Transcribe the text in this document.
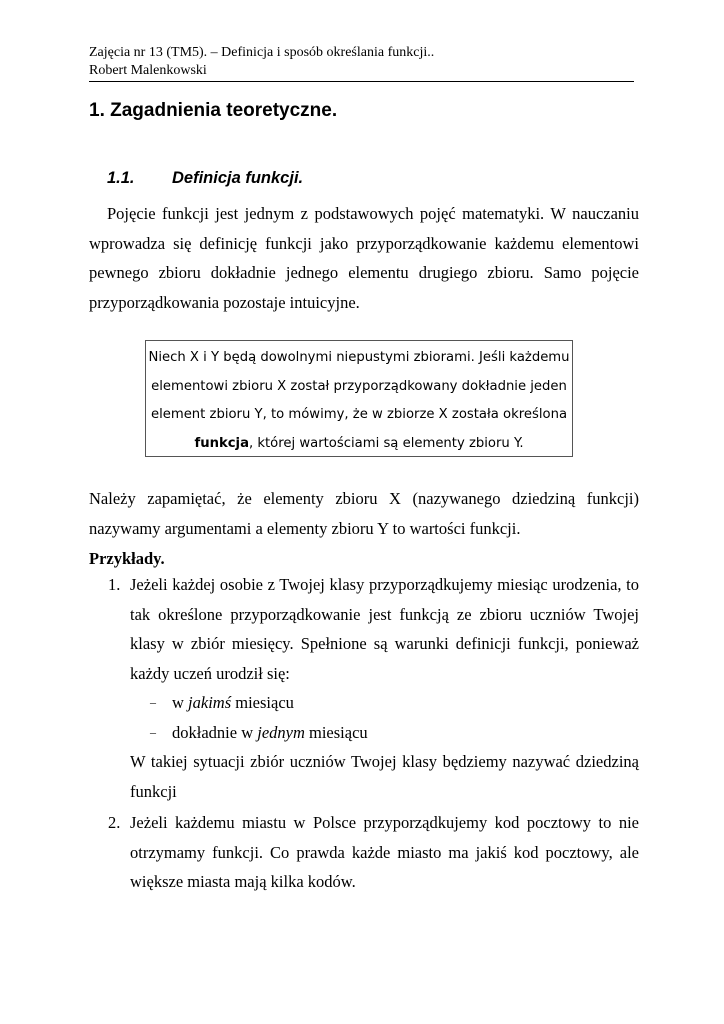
Zajęcia nr 13 (TM5). – Definicja i sposób określania funkcji..
Robert Malenkowski
1. Zagadnienia teoretyczne.
1.1. Definicja funkcji.
Pojęcie funkcji jest jednym z podstawowych pojęć matematyki. W nauczaniu wprowadza się definicję funkcji jako przyporządkowanie każdemu elementowi pewnego zbioru dokładnie jednego elementu drugiego zbioru. Samo pojęcie przyporządkowania pozostaje intuicyjne.
Niech X i Y będą dowolnymi niepustymi zbiorami. Jeśli każdemu
elementowi zbioru X został przyporządkowany dokładnie jeden
element zbioru Y, to mówimy, że w zbiorze X została określona
funkcja, której wartościami są elementy zbioru Y.
Należy zapamiętać, że elementy zbioru X (nazywanego dziedziną funkcji) nazywamy argumentami a elementy zbioru Y to wartości funkcji.
Przykłady.
1. Jeżeli każdej osobie z Twojej klasy przyporządkujemy miesiąc urodzenia, to tak określone przyporządkowanie jest funkcją ze zbioru uczniów Twojej klasy w zbiór miesięcy. Spełnione są warunki definicji funkcji, ponieważ każdy uczeń urodził się:
– w jakimś miesiącu
– dokładnie w jednym miesiącu
W takiej sytuacji zbiór uczniów Twojej klasy będziemy nazywać dziedziną funkcji
2. Jeżeli każdemu miastu w Polsce przyporządkujemy kod pocztowy to nie otrzymamy funkcji. Co prawda każde miasto ma jakiś kod pocztowy, ale większe miasta mają kilka kodów.
